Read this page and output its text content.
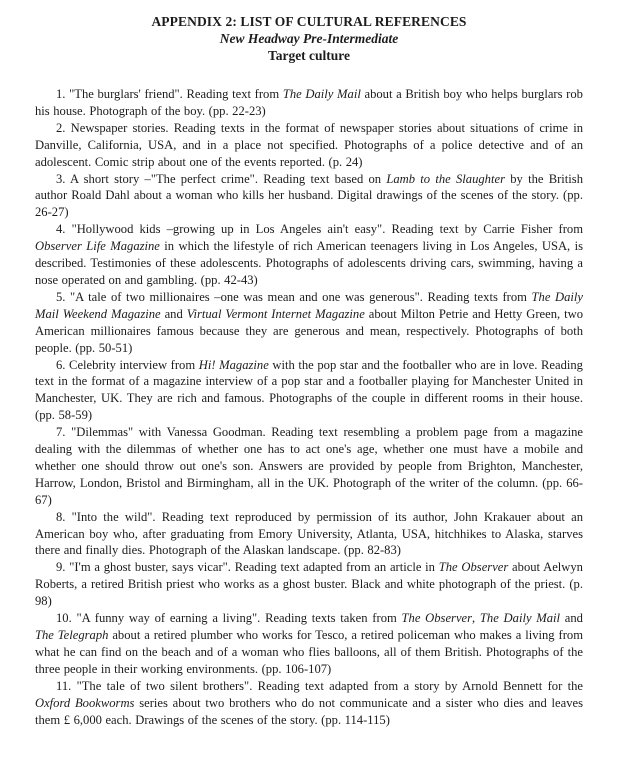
APPENDIX 2: LIST OF CULTURAL REFERENCES
New Headway Pre-Intermediate
Target culture

1. "The burglars' friend". Reading text from The Daily Mail about a British boy who helps burglars rob his house. Photograph of the boy. (pp. 22-23)

2. Newspaper stories. Reading texts in the format of newspaper stories about situations of crime in Danville, California, USA, and in a place not specified. Photographs of a police detective and of an adolescent. Comic strip about one of the events reported. (p. 24)

3. A short story –"The perfect crime". Reading text based on Lamb to the Slaughter by the British author Roald Dahl about a woman who kills her husband. Digital drawings of the scenes of the story. (pp. 26-27)

4. "Hollywood kids –growing up in Los Angeles ain't easy". Reading text by Carrie Fisher from Observer Life Magazine in which the lifestyle of rich American teenagers living in Los Angeles, USA, is described. Testimonies of these adolescents. Photographs of adolescents driving cars, swimming, having a nose operated on and gambling. (pp. 42-43)

5. "A tale of two millionaires –one was mean and one was generous". Reading texts from The Daily Mail Weekend Magazine and Virtual Vermont Internet Magazine about Milton Petrie and Hetty Green, two American millionaires famous because they are generous and mean, respectively. Photographs of both people. (pp. 50-51)

6. Celebrity interview from Hi! Magazine with the pop star and the footballer who are in love. Reading text in the format of a magazine interview of a pop star and a footballer playing for Manchester United in Manchester, UK. They are rich and famous. Photographs of the couple in different rooms in their house. (pp. 58-59)

7. "Dilemmas" with Vanessa Goodman. Reading text resembling a problem page from a magazine dealing with the dilemmas of whether one has to act one's age, whether one must have a mobile and whether one should throw out one's son. Answers are provided by people from Brighton, Manchester, Harrow, London, Bristol and Birmingham, all in the UK. Photograph of the writer of the column. (pp. 66-67)

8. "Into the wild". Reading text reproduced by permission of its author, John Krakauer about an American boy who, after graduating from Emory University, Atlanta, USA, hitchhikes to Alaska, starves there and finally dies. Photograph of the Alaskan landscape. (pp. 82-83)

9. "I'm a ghost buster, says vicar". Reading text adapted from an article in The Observer about Aelwyn Roberts, a retired British priest who works as a ghost buster. Black and white photograph of the priest. (p. 98)

10. "A funny way of earning a living". Reading texts taken from The Observer, The Daily Mail and The Telegraph about a retired plumber who works for Tesco, a retired policeman who makes a living from what he can find on the beach and of a woman who flies balloons, all of them British. Photographs of the three people in their working environments. (pp. 106-107)

11. "The tale of two silent brothers". Reading text adapted from a story by Arnold Bennett for the Oxford Bookworms series about two brothers who do not communicate and a sister who dies and leaves them £ 6,000 each. Drawings of the scenes of the story. (pp. 114-115)
